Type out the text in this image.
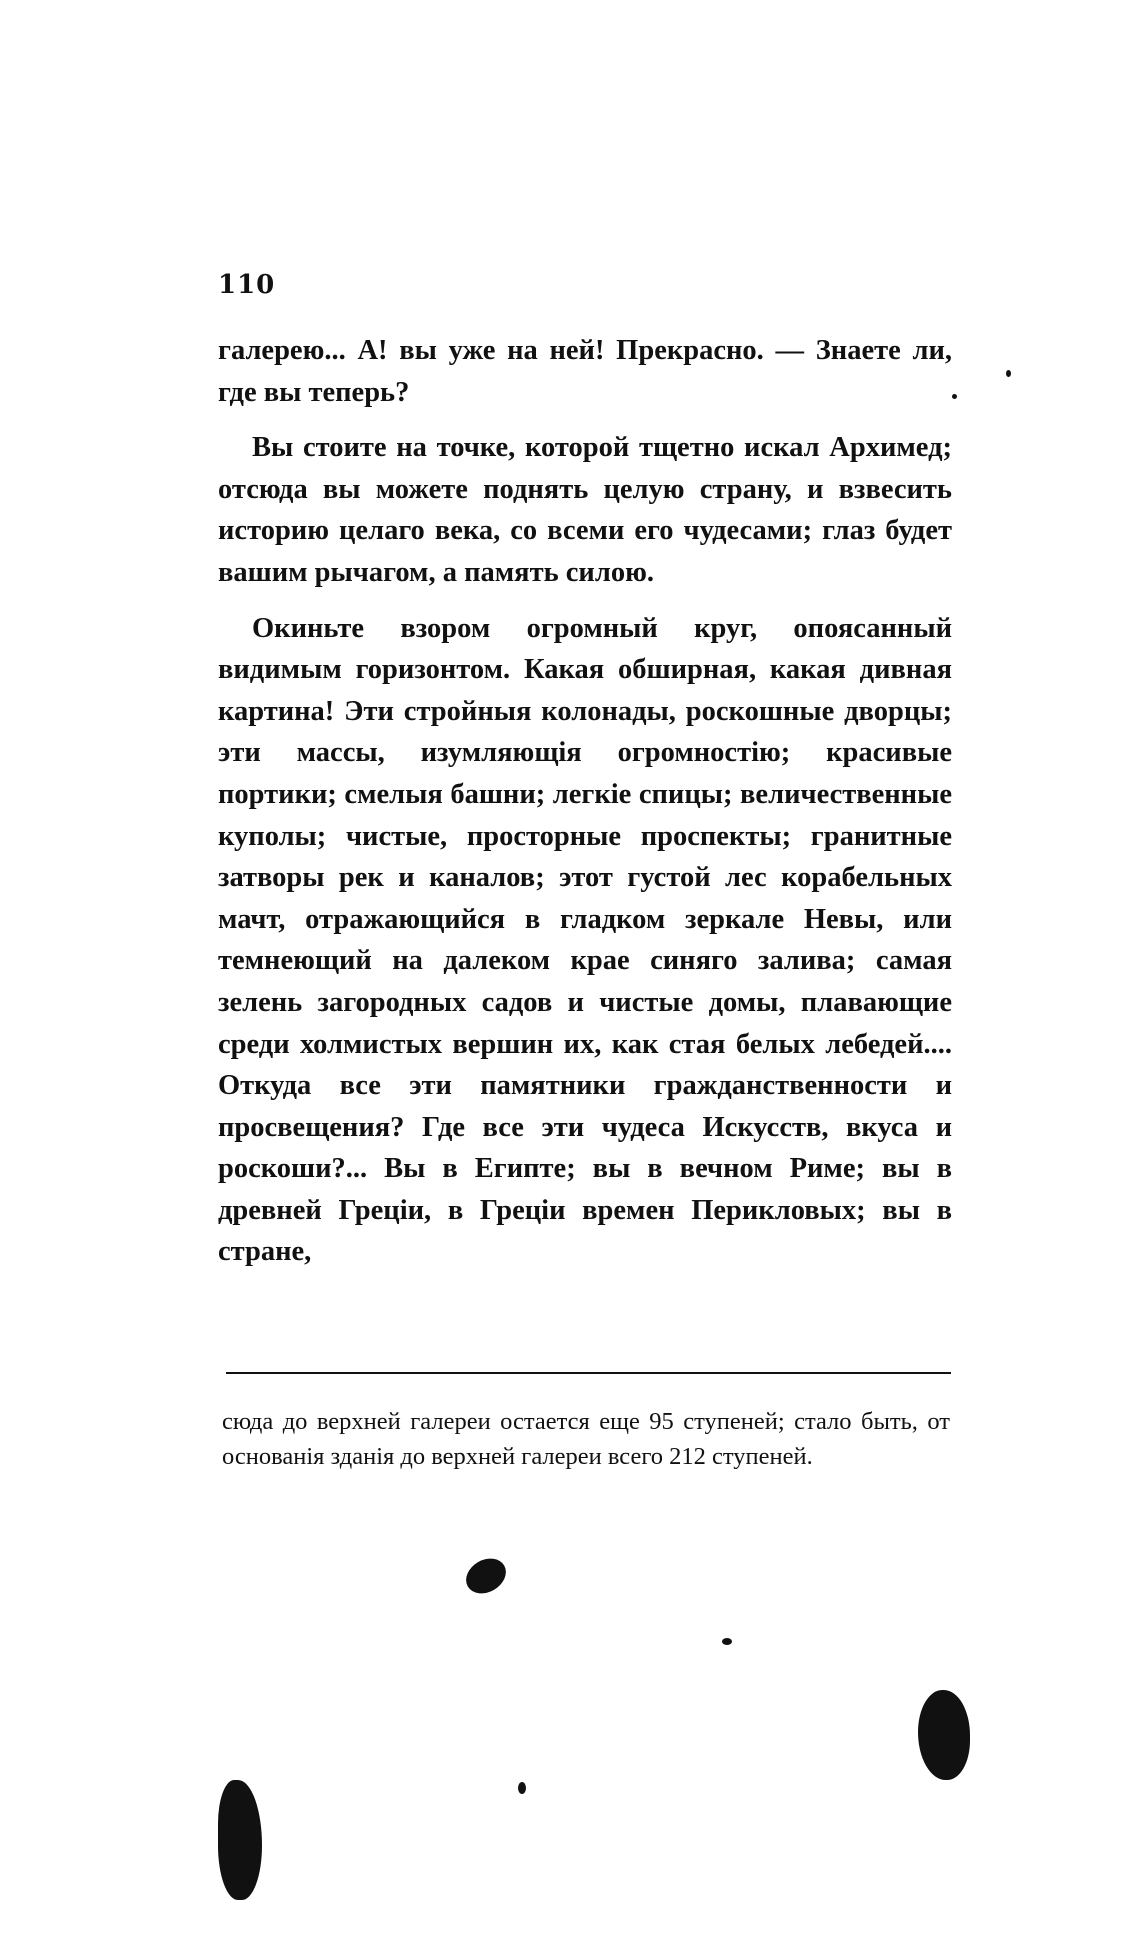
110

галерею... А! вы уже на ней! Прекрасно. — Знаете ли, где вы теперь?

Вы стоите на точке, которой тщетно искал Архимед; отсюда вы можете поднять целую страну, и взвесить историю целаго века, со всеми его чудесами; глаз будет вашим рычагом, а память силою.

Окиньте взором огромный круг, опоясанный видимым горизонтом. Какая обширная, какая дивная картина! Эти стройныя колонады, роскошные дворцы; эти массы, изумляющія огромностію; красивые портики; смелыя башни; легкіе спицы; величественные куполы; чистые, просторные проспекты; гранитные затворы рек и каналов; этот густой лес корабельных мачт, отражающийся в гладком зеркале Невы, или темнеющий на далеком крае синяго залива; самая зелень загородных садов и чистые домы, плавающие среди холмистых вершин их, как стая белых лебедей.... Откуда все эти памятники гражданственности и просвещения? Где все эти чудеса Искусств, вкуса и роскоши?... Вы в Египте; вы в вечном Риме; вы в древней Греціи, в Греціи времен Перикловых; вы в стране,

сюда до верхней галереи остается еще 95 ступеней; стало быть, от основанія зданія до верхней галереи всего 212 ступеней.
